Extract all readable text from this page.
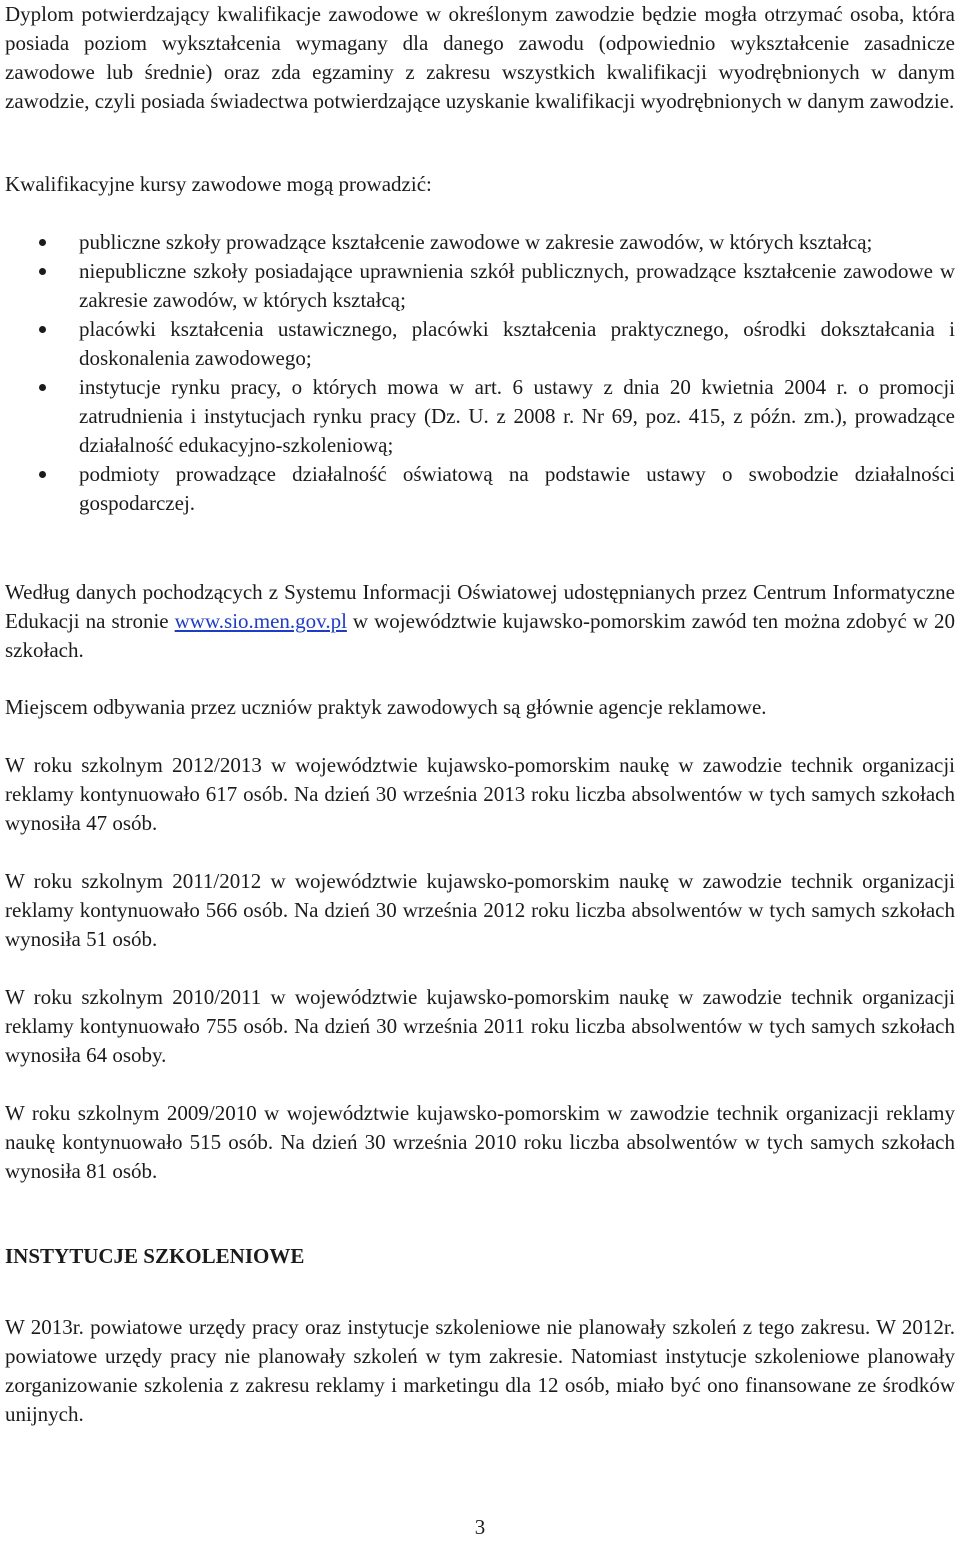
Dyplom potwierdzający kwalifikacje zawodowe w określonym zawodzie będzie mogła otrzymać osoba, która posiada poziom wykształcenia wymagany dla danego zawodu (odpowiednio wykształcenie zasadnicze zawodowe lub średnie) oraz zda egzaminy z zakresu wszystkich kwalifikacji wyodrębnionych w danym zawodzie, czyli posiada świadectwa potwierdzające uzyskanie kwalifikacji wyodrębnionych w danym zawodzie.

Kwalifikacyjne kursy zawodowe mogą prowadzić:

publiczne szkoły prowadzące kształcenie zawodowe w zakresie zawodów, w których kształcą;
niepubliczne szkoły posiadające uprawnienia szkół publicznych, prowadzące kształcenie zawodowe w zakresie zawodów, w których kształcą;
placówki kształcenia ustawicznego, placówki kształcenia praktycznego, ośrodki dokształcania i doskonalenia zawodowego;
instytucje rynku pracy, o których mowa w art. 6 ustawy z dnia 20 kwietnia 2004 r. o promocji zatrudnienia i instytucjach rynku pracy (Dz. U. z 2008 r. Nr 69, poz. 415, z późn. zm.), prowadzące działalność edukacyjno-szkoleniową;
podmioty prowadzące działalność oświatową na podstawie ustawy o swobodzie działalności gospodarczej.

Według danych pochodzących z Systemu Informacji Oświatowej udostępnianych przez Centrum Informatyczne Edukacji na stronie www.sio.men.gov.pl w województwie kujawsko-pomorskim zawód ten można zdobyć w 20 szkołach.

Miejscem odbywania przez uczniów praktyk zawodowych są głównie agencje reklamowe.

W roku szkolnym 2012/2013 w województwie kujawsko-pomorskim naukę w zawodzie technik organizacji reklamy kontynuowało 617 osób. Na dzień 30 września 2013 roku liczba absolwentów w tych samych szkołach wynosiła 47 osób.

W roku szkolnym 2011/2012 w województwie kujawsko-pomorskim naukę w zawodzie technik organizacji reklamy kontynuowało 566 osób. Na dzień 30 września 2012 roku liczba absolwentów w tych samych szkołach wynosiła 51 osób.

W roku szkolnym 2010/2011 w województwie kujawsko-pomorskim naukę w zawodzie technik organizacji reklamy kontynuowało 755 osób. Na dzień 30 września 2011 roku liczba absolwentów w tych samych szkołach wynosiła 64 osoby.

W roku szkolnym 2009/2010 w województwie kujawsko-pomorskim w zawodzie technik organizacji reklamy naukę kontynuowało 515 osób. Na dzień 30 września 2010 roku liczba absolwentów w tych samych szkołach wynosiła 81 osób.

INSTYTUCJE SZKOLENIOWE

W 2013r. powiatowe urzędy pracy oraz instytucje szkoleniowe nie planowały szkoleń z tego zakresu. W 2012r. powiatowe urzędy pracy nie planowały szkoleń w tym zakresie. Natomiast instytucje szkoleniowe planowały zorganizowanie szkolenia z zakresu reklamy i marketingu dla 12 osób, miało być ono finansowane ze środków unijnych.

3
